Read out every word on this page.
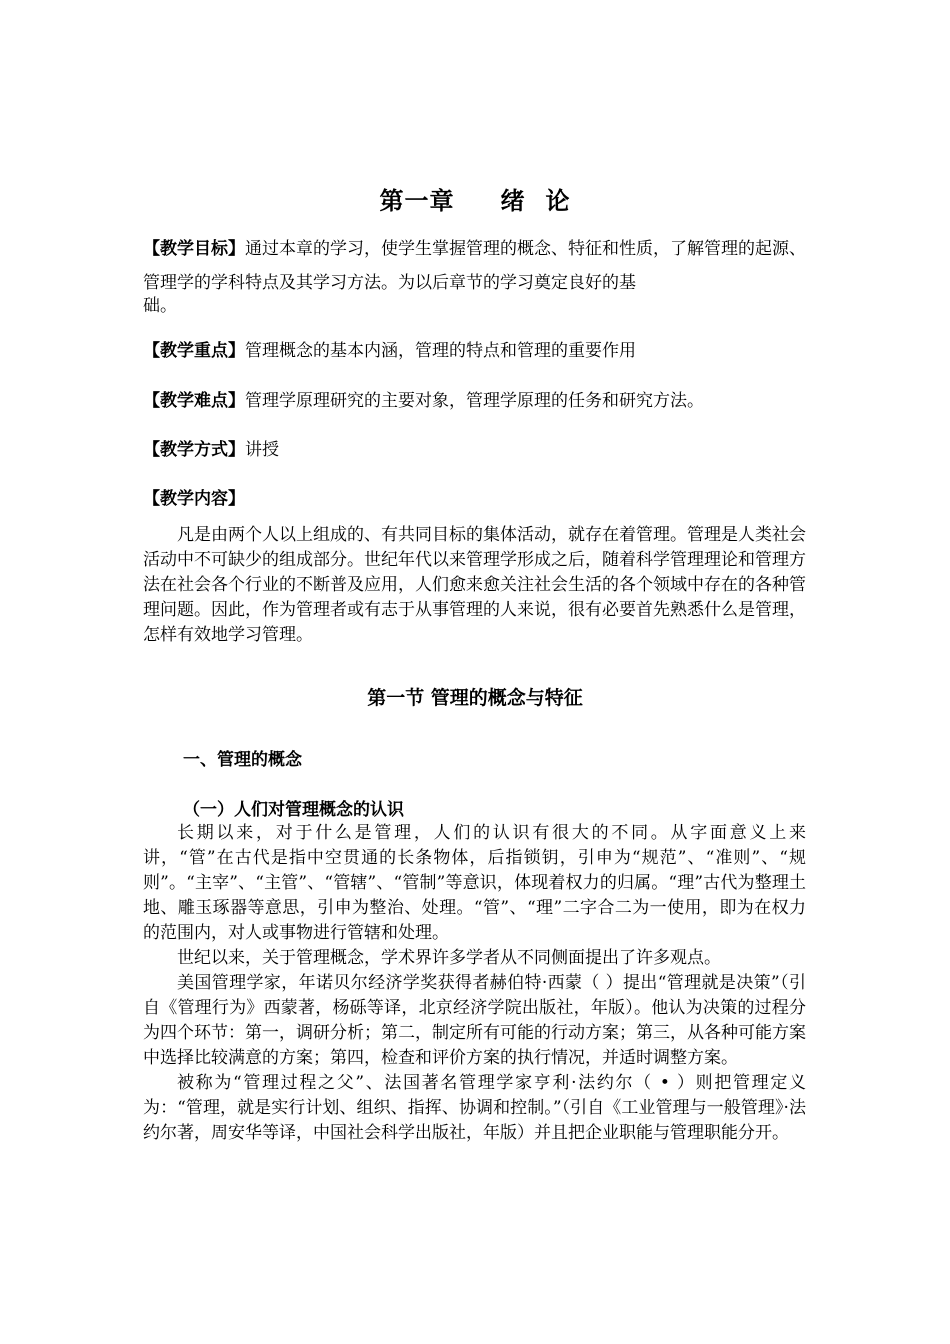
第一章 绪 论
【教学目标】通过本章的学习，使学生掌握管理的概念、特征和性质，了解管理的起源、管理学的学科特点及其学习方法。为以后章节的学习奠定良好的基
础。
【教学重点】管理概念的基本内涵，管理的特点和管理的重要作用
【教学难点】管理学原理研究的主要对象，管理学原理的任务和研究方法。
【教学方式】讲授
【教学内容】

凡是由两个人以上组成的、有共同目标的集体活动，就存在着管理。管理是人类社会活动中不可缺少的组成部分。世纪年代以来管理学形成之后，随着科学管理理论和管理方法在社会各个行业的不断普及应用，人们愈来愈关注社会生活的各个领域中存在的各种管理问题。因此，作为管理者或有志于从事管理的人来说，很有必要首先熟悉什么是管理，怎样有效地学习管理。

第一节 管理的概念与特征
一、管理的概念
（一）人们对管理概念的认识

长期以来，对于什么是管理，人们的认识有很大的不同。从字面意义上来讲，“管”在古代是指中空贯通的长条物体，后指锁钥，引申为“规范”、“准则”、“规则”。“主宰”、“主管”、“管辖”、“管制”等意识，体现着权力的归属。“理”古代为整理土地、雕玉琢器等意思，引申为整治、处理。“管”、“理”二字合二为一使用，即为在权力的范围内，对人或事物进行管辖和处理。

世纪以来，关于管理概念，学术界许多学者从不同侧面提出了许多观点。

美国管理学家，年诺贝尔经济学奖获得者赫伯特·西蒙（ ）提出“管理就是决策”（引自《管理行为》西蒙著，杨砾等译，北京经济学院出版社，年版）。他认为决策的过程分为四个环节：第一，调研分析；第二，制定所有可能的行动方案；第三，从各种可能方案中选择比较满意的方案；第四，检查和评价方案的执行情况，并适时调整方案。

被称为“管理过程之父”、法国著名管理学家亨利·法约尔（ • ）则把管理定义为：“管理，就是实行计划、组织、指挥、协调和控制。”（引自《工业管理与一般管理》·法约尔著，周安华等译，中国社会科学出版社，年版）并且把企业职能与管理职能分开。
